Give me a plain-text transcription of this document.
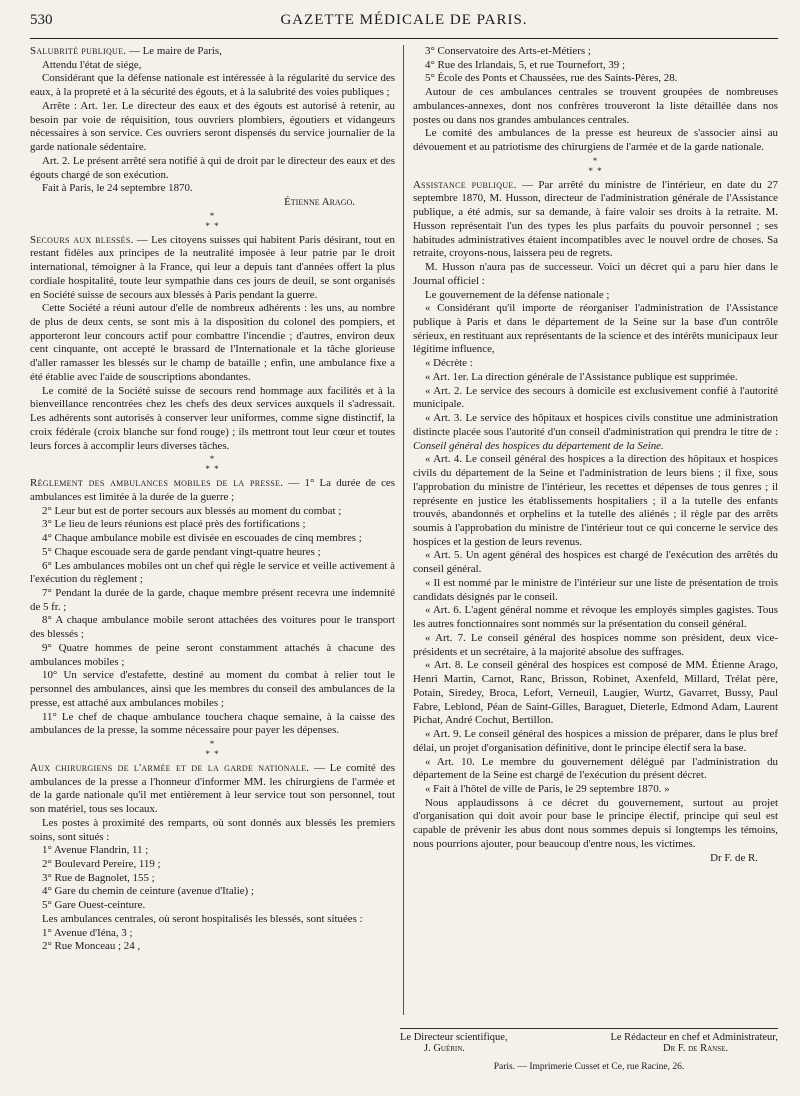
530	GAZETTE MÉDICALE DE PARIS.

Salubrité publique. — Le maire de Paris,

Attendu l'état de siége,

Considérant que la défense nationale est intéressée à la régularité du service des eaux, à la propreté et à la sécurité des égouts, et à la salubrité des voies publiques ;

Arrête : Art. 1er. Le directeur des eaux et des égouts est autorisé à retenir, au besoin par voie de réquisition, tous ouvriers plombiers, égoutiers et vidangeurs nécessaires à son service. Ces ouvriers seront dispensés du service journalier de la garde nationale sédentaire.

Art. 2. Le présent arrêté sera notifié à qui de droit par le directeur des eaux et des égouts chargé de son exécution.

Fait à Paris, le 24 septembre 1870.

Étienne Arago.
*
* *

Secours aux blessés. — Les citoyens suisses qui habitent Paris désirant, tout en restant fidèles aux principes de la neutralité imposée à leur patrie par le droit international, témoigner à la France, qui leur a depuis tant d'années offert la plus cordiale hospitalité, toute leur sympathie dans ces jours de deuil, se sont organisés en Société suisse de secours aux blessés à Paris pendant la guerre.

Cette Société a réuni autour d'elle de nombreux adhérents : les uns, au nombre de plus de deux cents, se sont mis à la disposition du colonel des pompiers, et apporteront leur concours actif pour combattre l'incendie ; d'autres, environ deux cent cinquante, ont accepté le brassard de l'Internationale et la tâche glorieuse d'aller ramasser les blessés sur le champ de bataille ; enfin, une ambulance fixe a été établie avec l'aide de souscriptions abondantes.

Le comité de la Société suisse de secours rend hommage aux facilités et à la bienveillance rencontrées chez les chefs des deux services auxquels il s'adressait. Les adhérents sont autorisés à conserver leur uniformes, comme signe distinctif, la croix fédérale (croix blanche sur fond rouge) ; ils mettront tout leur cœur et toutes leurs forces à accomplir leurs diverses tâches.

*
* *

Règlement des ambulances mobiles de la presse. — 1° La durée de ces ambulances est limitée à la durée de la guerre ;

2° Leur but est de porter secours aux blessés au moment du combat ;

3° Le lieu de leurs réunions est placé près des fortifications ;

4° Chaque ambulance mobile est divisée en escouades de cinq membres ;

5° Chaque escouade sera de garde pendant vingt-quatre heures ;

6° Les ambulances mobiles ont un chef qui règle le service et veille activement à l'exécution du règlement ;

7° Pendant la durée de la garde, chaque membre présent recevra une indemnité de 5 fr. ;

8° A chaque ambulance mobile seront attachées des voitures pour le transport des blessés ;

9° Quatre hommes de peine seront constamment attachés à chacune des ambulances mobiles ;

10° Un service d'estafette, destiné au moment du combat à relier tout le personnel des ambulances, ainsi que les membres du conseil des ambulances de la presse, est attaché aux ambulances mobiles ;

11° Le chef de chaque ambulance touchera chaque semaine, à la caisse des ambulances de la presse, la somme nécessaire pour payer les dépenses.

*
* *

Aux chirurgiens de l'armée et de la garde nationale. — Le comité des ambulances de la presse a l'honneur d'informer MM. les chirurgiens de l'armée et de la garde nationale qu'il met entièrement à leur service tout son personnel, tout son matériel, tous ses locaux.

Les postes à proximité des remparts, où sont donnés aux blessés les premiers soins, sont situés :

1° Avenue Flandrin, 11 ;

2° Boulevard Pereire, 119 ;

3° Rue de Bagnolet, 155 ;

4° Gare du chemin de ceinture (avenue d'Italie) ;

5° Gare Ouest-ceinture.

Les ambulances centrales, où seront hospitalisés les blessés, sont situées :

1° Avenue d'Iéna, 3 ;

2° Rue Monceau ; 24 ,

3° Conservatoire des Arts-et-Métiers ;

4° Rue des Irlandais, 5, et rue Tournefort, 39 ;

5° École des Ponts et Chaussées, rue des Saints-Pères, 28.

Autour de ces ambulances centrales se trouvent groupées de nombreuses ambulances-annexes, dont nos confrères trouveront la liste détaillée dans nos postes ou dans nos grandes ambulances centrales.

Le comité des ambulances de la presse est heureux de s'associer ainsi au dévouement et au patriotisme des chirurgiens de l'armée et de la garde nationale.

*
* *

Assistance publique. — Par arrêté du ministre de l'intérieur, en date du 27 septembre 1870, M. Husson, directeur de l'administration générale de l'Assistance publique, a été admis, sur sa demande, à faire valoir ses droits à la retraite. M. Husson représentait l'un des types les plus parfaits du pouvoir personnel ; ses habitudes administratives étaient incompatibles avec le nouvel ordre de choses. Sa retraite, croyons-nous, laissera peu de regrets.

M. Husson n'aura pas de successeur. Voici un décret qui a paru hier dans le Journal officiel :

Le gouvernement de la défense nationale ;

« Considérant qu'il importe de réorganiser l'administration de l'Assistance publique à Paris et dans le département de la Seine sur la base d'un contrôle sérieux, en restituant aux représentants de la science et des intérêts municipaux leur légitime influence,

« Décrète :

« Art. 1er. La direction générale de l'Assistance publique est supprimée.

« Art. 2. Le service des secours à domicile est exclusivement confié à l'autorité municipale.

« Art. 3. Le service des hôpitaux et hospices civils constitue une administration distincte placée sous l'autorité d'un conseil d'administration qui prendra le titre de : Conseil général des hospices du département de la Seine.

« Art. 4. Le conseil général des hospices a la direction des hôpitaux et hospices civils du département de la Seine et l'administration de leurs biens ; il fixe, sous l'approbation du ministre de l'intérieur, les recettes et dépenses de tous genres ; il représente en justice les établissements hospitaliers ; il a la tutelle des enfants trouvés, abandonnés et orphelins et la tutelle des aliénés ; il règle par des arrêts soumis à l'approbation du ministre de l'intérieur tout ce qui concerne le service des hospices et la gestion de leurs revenus.

« Art. 5. Un agent général des hospices est chargé de l'exécution des arrêtés du conseil général.

« Il est nommé par le ministre de l'intérieur sur une liste de présentation de trois candidats désignés par le conseil.

« Art. 6. L'agent général nomme et révoque les employés simples gagistes. Tous les autres fonctionnaires sont nommés sur la présentation du conseil général.

« Art. 7. Le conseil général des hospices nomme son président, deux vice-présidents et un secrétaire, à la majorité absolue des suffrages.

« Art. 8. Le conseil général des hospices est composé de MM. Étienne Arago, Henri Martin, Carnot, Ranc, Brisson, Robinet, Axenfeld, Millard, Trélat père, Potain, Siredey, Broca, Lefort, Verneuil, Laugier, Wurtz, Gavarret, Bussy, Paul Fabre, Leblond, Péan de Saint-Gilles, Baraguet, Dieterle, Edmond Adam, Laurent Pichat, André Cochut, Bertillon.

« Art. 9. Le conseil général des hospices a mission de préparer, dans le plus bref délai, un projet d'organisation définitive, dont le principe électif sera la base.

« Art. 10. Le membre du gouvernement délégué par l'administration du département de la Seine est chargé de l'exécution du présent décret.

« Fait à l'hôtel de ville de Paris, le 29 septembre 1870. »

Nous applaudissons à ce décret du gouvernement, surtout au projet d'organisation qui doit avoir pour base le principe électif, principe qui seul est capable de prévenir les abus dont nous sommes depuis si longtemps les témoins, nous pourrions ajouter, pour beaucoup d'entre nous, les victimes.

Dr F. de R.
Le Directeur scientifique,	Le Rédacteur en chef et Administrateur,
J. Guérin.	Dr F. de Ranse.
Paris. — Imprimerie Cusset et Ce, rue Racine, 26.
